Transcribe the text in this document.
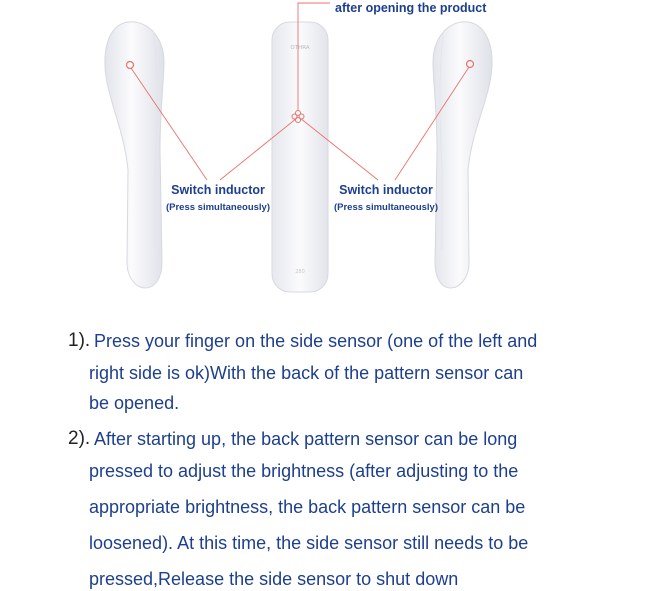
OTHRA
280
after opening the product
Switch inductor
(Press simultaneously)
Switch inductor
(Press simultaneously)
1). Press your finger on the side sensor (one of the left and
right side is ok)With the back of the pattern sensor can
be opened.
2). After starting up, the back pattern sensor can be long
pressed to adjust the brightness (after adjusting to the
appropriate brightness, the back pattern sensor can be
loosened). At this time, the side sensor still needs to be
pressed,Release the side sensor to shut down
